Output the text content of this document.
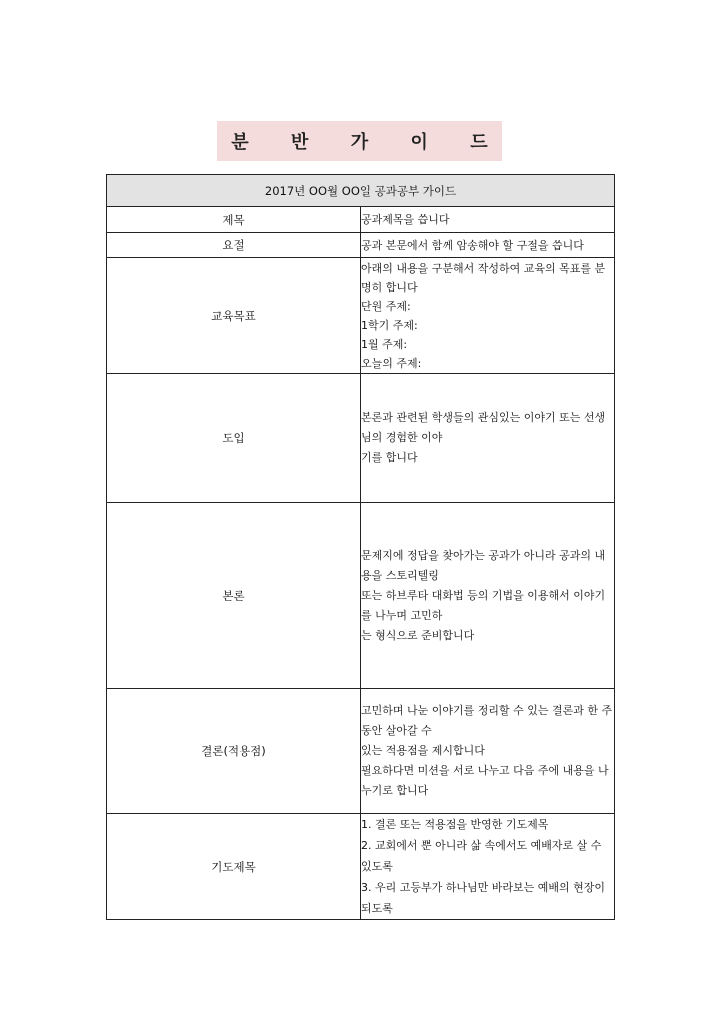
분	반	가	이	드
2017년 OO월 OO일 공과공부 가이드	
제목	공과제목을 씁니다

요절	공과 본문에서 함께 암송해야 할 구절을 씁니다

교육목표	아래의 내용을 구분해서 작성하여 교육의 목표를 분명히 합니다
단원 주제:
1학기 주제:
1월 주제:
오늘의 주제:

도입	본론과 관련된 학생들의 관심있는 이야기 또는 선생님의 경험한 이야
기를 합니다

본론	문제지에 정답을 찾아가는 공과가 아니라 공과의 내용을 스토리텔링
또는 하브루타 대화법 등의 기법을 이용해서 이야기를 나누며 고민하
는 형식으로 준비합니다

결론(적용점)	고민하며 나눈 이야기를 정리할 수 있는 결론과 한 주동안 살아갈 수
있는 적용점을 제시합니다
필요하다면 미션을 서로 나누고 다음 주에 내용을 나누기로 합니다

기도제목	1. 결론 또는 적용점을 반영한 기도제목
2. 교회에서 뿐 아니라 삶 속에서도 예배자로 살 수 있도록
3. 우리 고등부가 하나님만 바라보는 예배의 현장이 되도록
